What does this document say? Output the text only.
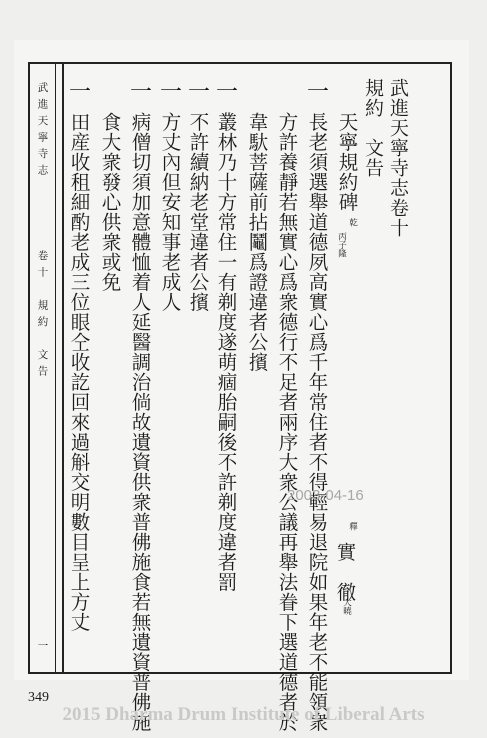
武進天寧寺志卷十
規約　文告
天寧規約碑
乾
丙子隆
釋
實　徹
大曉
一
一
一
一
一
一
長老須選舉道德夙高實心爲千年常住者不得輕易退院如果年老不能領衆
方許養靜若無實心爲衆德行不足者兩序大衆公議再舉法眷下選道德者於
韋馱菩薩前拈鬮爲證違者公擯
叢林乃十方常住一有剃度遂萌痼胎嗣後不許剃度違者罰
不許續納老堂違者公擯
方丈內但安知事老成人
病僧切須加意體恤着人延醫調治倘故遺資供衆普佛施食若無遺資普佛施
食大衆發心供衆或免
田産收租細酌老成三位眼仝收訖回來過斛交明數目呈上方丈
武進天寧寺志
卷十　規約　文告
一
2003-04-16
349
2015 Dharma Drum Institute of Liberal Arts
